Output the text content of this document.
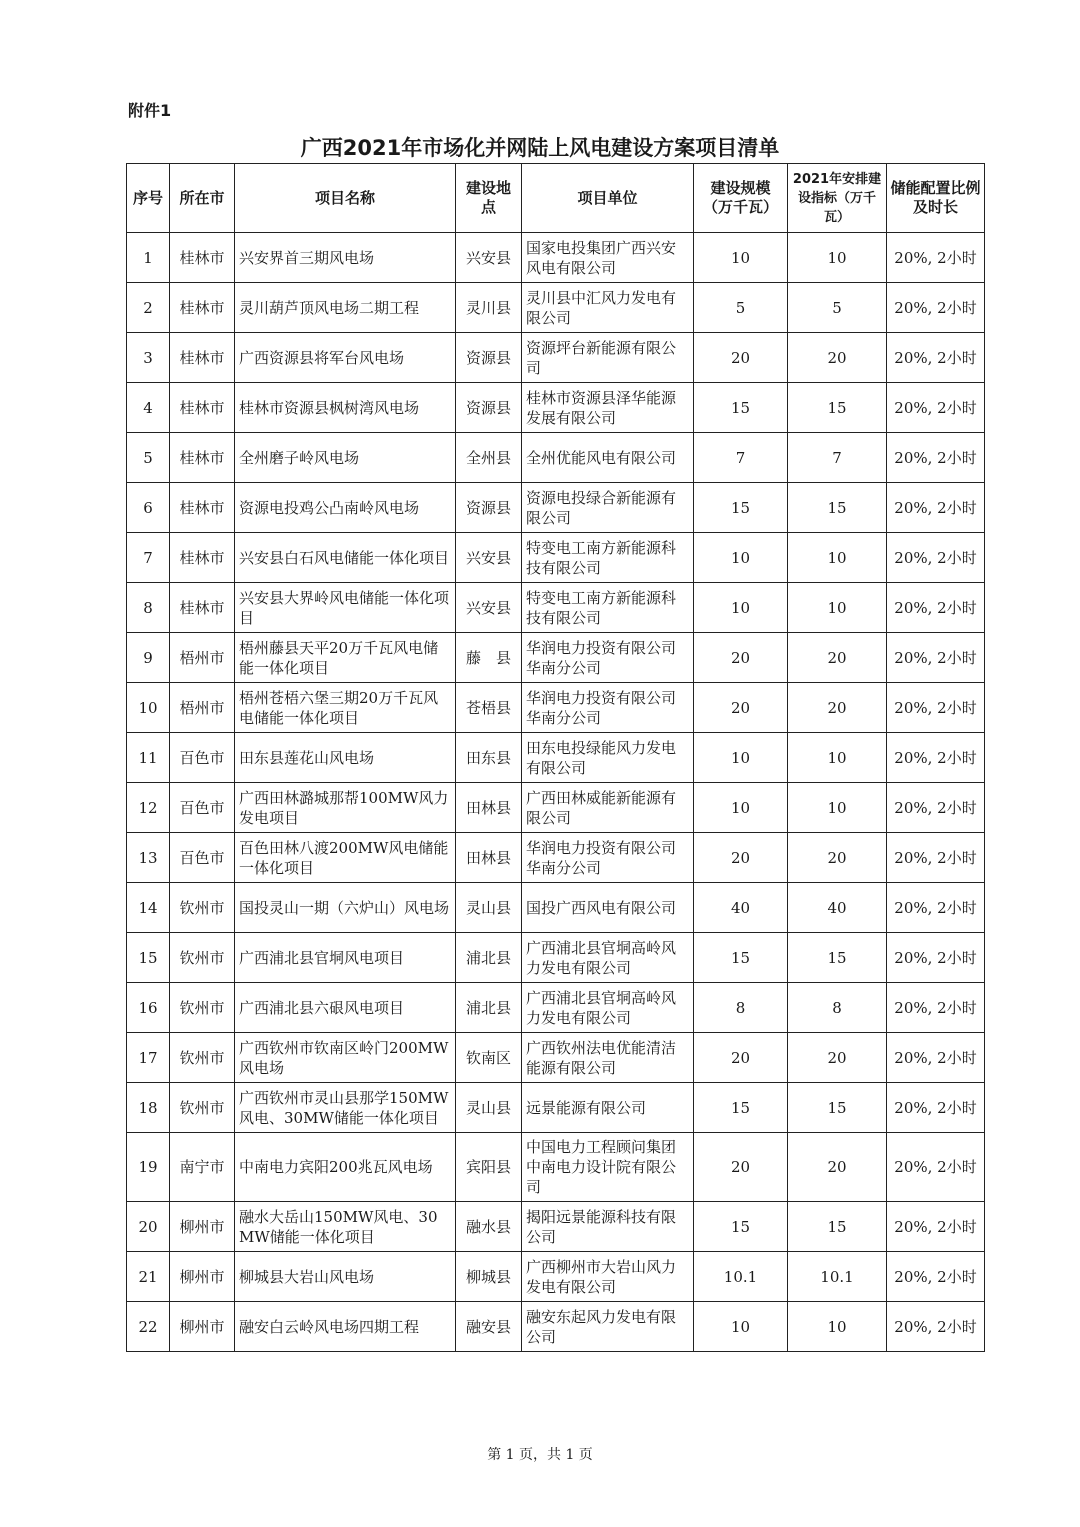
附件1
广西2021年市场化并网陆上风电建设方案项目清单
序号	所在市	项目名称	建设地点	项目单位	建设规模（万千瓦）	2021年安排建设指标（万千瓦）	储能配置比例及时长
1	桂林市	兴安界首三期风电场	兴安县	国家电投集团广西兴安风电有限公司	10	10	20%, 2小时
2	桂林市	灵川葫芦顶风电场二期工程	灵川县	灵川县中汇风力发电有限公司	5	5	20%, 2小时
3	桂林市	广西资源县将军台风电场	资源县	资源坪台新能源有限公司	20	20	20%, 2小时
4	桂林市	桂林市资源县枫树湾风电场	资源县	桂林市资源县泽华能源发展有限公司	15	15	20%, 2小时
5	桂林市	全州磨子岭风电场	全州县	全州优能风电有限公司	7	7	20%, 2小时
6	桂林市	资源电投鸡公凸南岭风电场	资源县	资源电投绿合新能源有限公司	15	15	20%, 2小时
7	桂林市	兴安县白石风电储能一体化项目	兴安县	特变电工南方新能源科技有限公司	10	10	20%, 2小时
8	桂林市	兴安县大界岭风电储能一体化项目	兴安县	特变电工南方新能源科技有限公司	10	10	20%, 2小时
9	梧州市	梧州藤县天平20万千瓦风电储能一体化项目	藤　县	华润电力投资有限公司华南分公司	20	20	20%, 2小时
10	梧州市	梧州苍梧六堡三期20万千瓦风电储能一体化项目	苍梧县	华润电力投资有限公司华南分公司	20	20	20%, 2小时
11	百色市	田东县莲花山风电场	田东县	田东电投绿能风力发电有限公司	10	10	20%, 2小时
12	百色市	广西田林潞城那帮100MW风力发电项目	田林县	广西田林威能新能源有限公司	10	10	20%, 2小时
13	百色市	百色田林八渡200MW风电储能一体化项目	田林县	华润电力投资有限公司华南分公司	20	20	20%, 2小时
14	钦州市	国投灵山一期（六炉山）风电场	灵山县	国投广西风电有限公司	40	40	20%, 2小时
15	钦州市	广西浦北县官垌风电项目	浦北县	广西浦北县官垌高岭风力发电有限公司	15	15	20%, 2小时
16	钦州市	广西浦北县六硍风电项目	浦北县	广西浦北县官垌高岭风力发电有限公司	8	8	20%, 2小时
17	钦州市	广西钦州市钦南区岭门200MW风电场	钦南区	广西钦州法电优能清洁能源有限公司	20	20	20%, 2小时
18	钦州市	广西钦州市灵山县那学150MW风电、30MW储能一体化项目	灵山县	远景能源有限公司	15	15	20%, 2小时
19	南宁市	中南电力宾阳200兆瓦风电场	宾阳县	中国电力工程顾问集团中南电力设计院有限公司	20	20	20%, 2小时
20	柳州市	融水大岳山150MW风电、30MW储能一体化项目	融水县	揭阳远景能源科技有限公司	15	15	20%, 2小时
21	柳州市	柳城县大岩山风电场	柳城县	广西柳州市大岩山风力发电有限公司	10.1	10.1	20%, 2小时
22	柳州市	融安白云岭风电场四期工程	融安县	融安东起风力发电有限公司	10	10	20%, 2小时
第 1 页，共 1 页
